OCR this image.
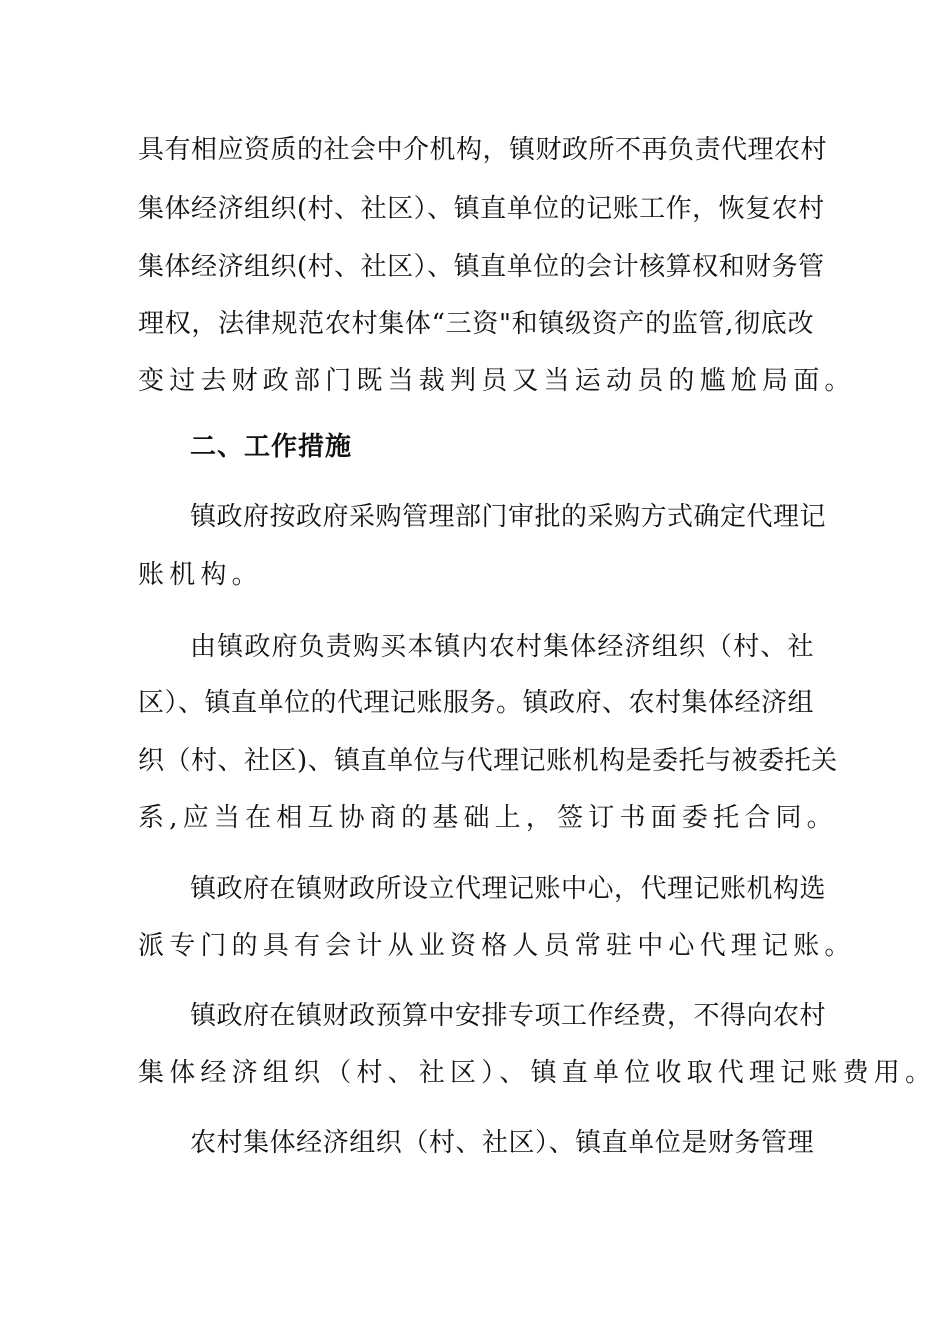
具有相应资质的社会中介机构，镇财政所不再负责代理农村
集体经济组织(村、社区）、镇直单位的记账工作，恢复农村
集体经济组织(村、社区）、镇直单位的会计核算权和财务管
理权，法律规范农村集体“三资"和镇级资产的监管,彻底改
变过去财政部门既当裁判员又当运动员的尴尬局面。
二、工作措施
镇政府按政府采购管理部门审批的采购方式确定代理记
账机构。
由镇政府负责购买本镇内农村集体经济组织（村、社
区）、镇直单位的代理记账服务。镇政府、农村集体经济组
织（村、社区)、镇直单位与代理记账机构是委托与被委托关
系,应当在相互协商的基础上，签订书面委托合同。
镇政府在镇财政所设立代理记账中心，代理记账机构选
派专门的具有会计从业资格人员常驻中心代理记账。
镇政府在镇财政预算中安排专项工作经费，不得向农村
集体经济组织（村、社区）、镇直单位收取代理记账费用。
农村集体经济组织（村、社区）、镇直单位是财务管理
